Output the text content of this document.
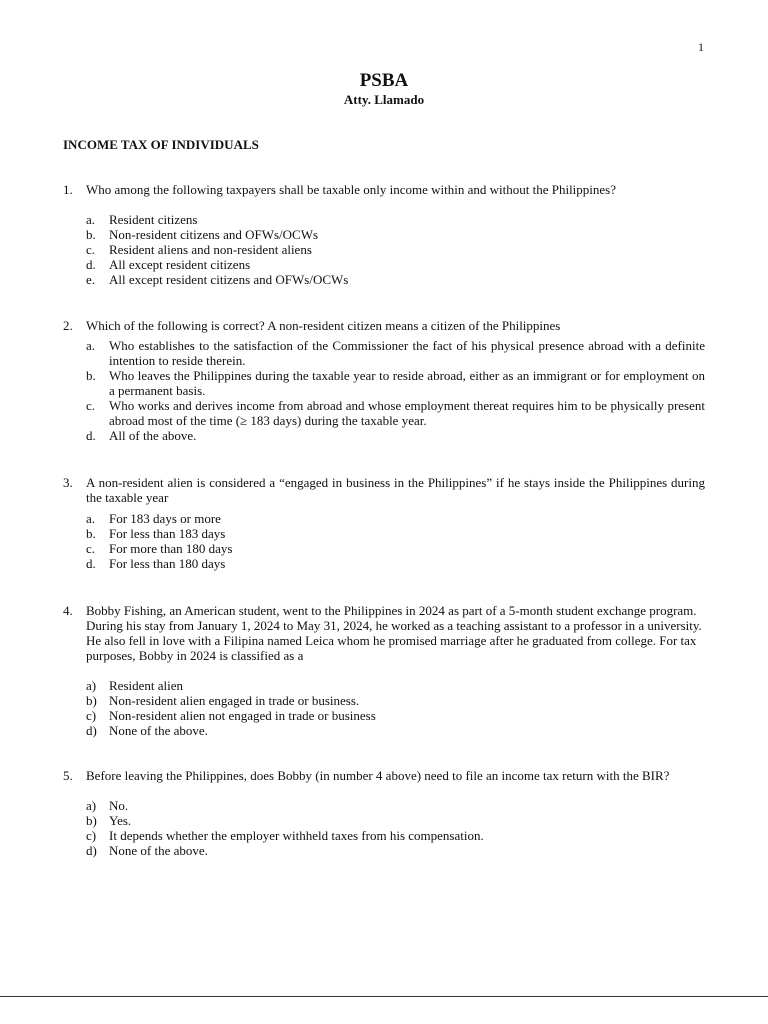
1
PSBA
Atty. Llamado
INCOME TAX OF INDIVIDUALS
1.	Who among the following taxpayers shall be taxable only income within and without the Philippines?
a.	Resident citizens
b.	Non-resident citizens and OFWs/OCWs
c.	Resident aliens and non-resident aliens
d.	All except resident citizens
e.	All except resident citizens and OFWs/OCWs
2.	Which of the following is correct? A non-resident citizen means a citizen of the Philippines
a.	Who establishes to the satisfaction of the Commissioner the fact of his physical presence abroad with a definite intention to reside therein.
b.	Who leaves the Philippines during the taxable year to reside abroad, either as an immigrant or for employment on a permanent basis.
c.	Who works and derives income from abroad and whose employment thereat requires him to be physically present abroad most of the time (≥ 183 days) during the taxable year.
d.	All of the above.
3.	A non-resident alien is considered a “engaged in business in the Philippines” if he stays inside the Philippines during the taxable year
a.	For 183 days or more
b.	For less than 183 days
c.	For more than 180 days
d.	For less than 180 days
4.	Bobby Fishing, an American student, went to the Philippines in 2024 as part of a 5-month student exchange program. During his stay from January 1, 2024 to May 31, 2024, he worked as a teaching assistant to a professor in a university. He also fell in love with a Filipina named Leica whom he promised marriage after he graduated from college. For tax purposes, Bobby in 2024 is classified as a
a) Resident alien
b) Non-resident alien engaged in trade or business.
c) Non-resident alien not engaged in trade or business
d) None of the above.
5.	Before leaving the Philippines, does Bobby (in number 4 above) need to file an income tax return with the BIR?
a) No.
b) Yes.
c) It depends whether the employer withheld taxes from his compensation.
d) None of the above.
